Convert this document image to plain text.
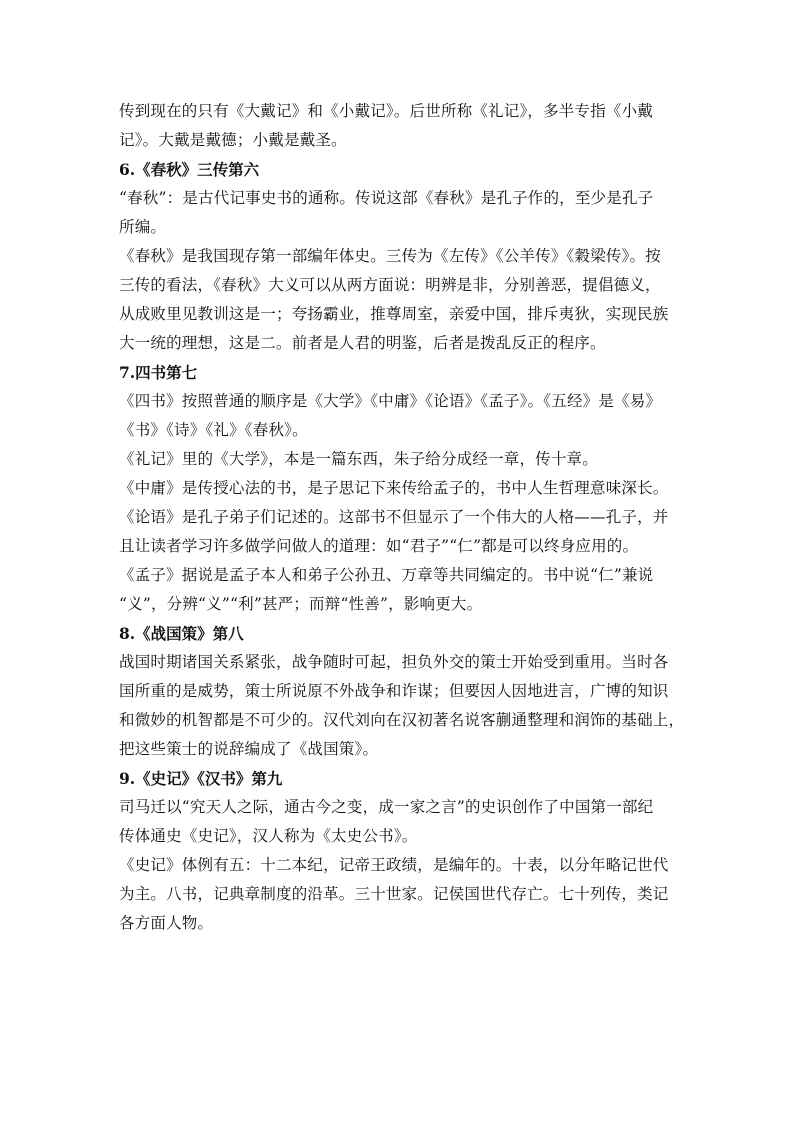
传到现在的只有《大戴记》和《小戴记》。后世所称《礼记》，多半专指《小戴
记》。大戴是戴德；小戴是戴圣。
6.《春秋》三传第六
“春秋”：是古代记事史书的通称。传说这部《春秋》是孔子作的，至少是孔子
所编。
《春秋》是我国现存第一部编年体史。三传为《左传》《公羊传》《穀梁传》。按
三传的看法，《春秋》大义可以从两方面说：明辨是非，分别善恶，提倡德义，
从成败里见教训这是一；夸扬霸业，推尊周室，亲爱中国，排斥夷狄，实现民族
大一统的理想，这是二。前者是人君的明鉴，后者是拨乱反正的程序。
7.四书第七
《四书》按照普通的顺序是《大学》《中庸》《论语》《孟子》。《五经》是《易》
《书》《诗》《礼》《春秋》。
《礼记》里的《大学》，本是一篇东西，朱子给分成经一章，传十章。
《中庸》是传授心法的书，是子思记下来传给孟子的，书中人生哲理意味深长。
《论语》是孔子弟子们记述的。这部书不但显示了一个伟大的人格——孔子，并
且让读者学习许多做学问做人的道理：如“君子”“仁”都是可以终身应用的。
《孟子》据说是孟子本人和弟子公孙丑、万章等共同编定的。书中说“仁”兼说
“义”，分辨“义”“利”甚严；而辩“性善”，影响更大。
8.《战国策》第八
战国时期诸国关系紧张，战争随时可起，担负外交的策士开始受到重用。当时各
国所重的是威势，策士所说原不外战争和诈谋；但要因人因地进言，广博的知识
和微妙的机智都是不可少的。汉代刘向在汉初著名说客蒯通整理和润饰的基础上，
把这些策士的说辞编成了《战国策》。
9.《史记》《汉书》第九
司马迁以“究天人之际，通古今之变，成一家之言”的史识创作了中国第一部纪
传体通史《史记》，汉人称为《太史公书》。
《史记》体例有五：十二本纪，记帝王政绩，是编年的。十表，以分年略记世代
为主。八书，记典章制度的沿革。三十世家。记侯国世代存亡。七十列传，类记
各方面人物。
